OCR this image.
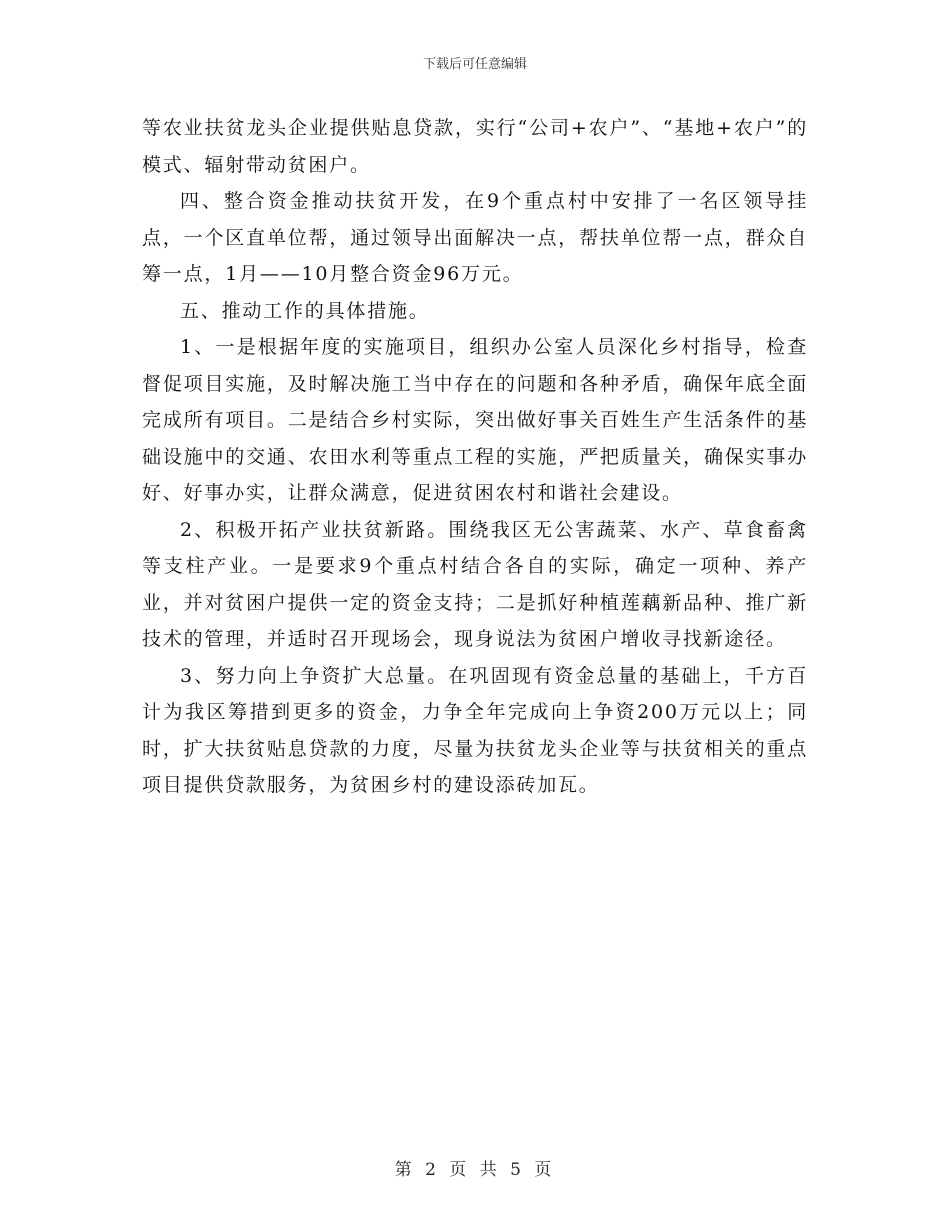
下载后可任意编辑

等农业扶贫龙头企业提供贴息贷款，实行“公司+农户”、“基地+农户”的模式、辐射带动贫困户。

四、整合资金推动扶贫开发，在9个重点村中安排了一名区领导挂点，一个区直单位帮，通过领导出面解决一点，帮扶单位帮一点，群众自筹一点，1月——10月整合资金96万元。

五、推动工作的具体措施。

1、一是根据年度的实施项目，组织办公室人员深化乡村指导，检查督促项目实施，及时解决施工当中存在的问题和各种矛盾，确保年底全面完成所有项目。二是结合乡村实际，突出做好事关百姓生产生活条件的基础设施中的交通、农田水利等重点工程的实施，严把质量关，确保实事办好、好事办实，让群众满意，促进贫困农村和谐社会建设。

2、积极开拓产业扶贫新路。围绕我区无公害蔬菜、水产、草食畜禽等支柱产业。一是要求9个重点村结合各自的实际，确定一项种、养产业，并对贫困户提供一定的资金支持；二是抓好种植莲藕新品种、推广新技术的管理，并适时召开现场会，现身说法为贫困户增收寻找新途径。

3、努力向上争资扩大总量。在巩固现有资金总量的基础上，千方百计为我区筹措到更多的资金，力争全年完成向上争资200万元以上；同时，扩大扶贫贴息贷款的力度，尽量为扶贫龙头企业等与扶贫相关的重点项目提供贷款服务，为贫困乡村的建设添砖加瓦。

第 2 页 共 5 页
